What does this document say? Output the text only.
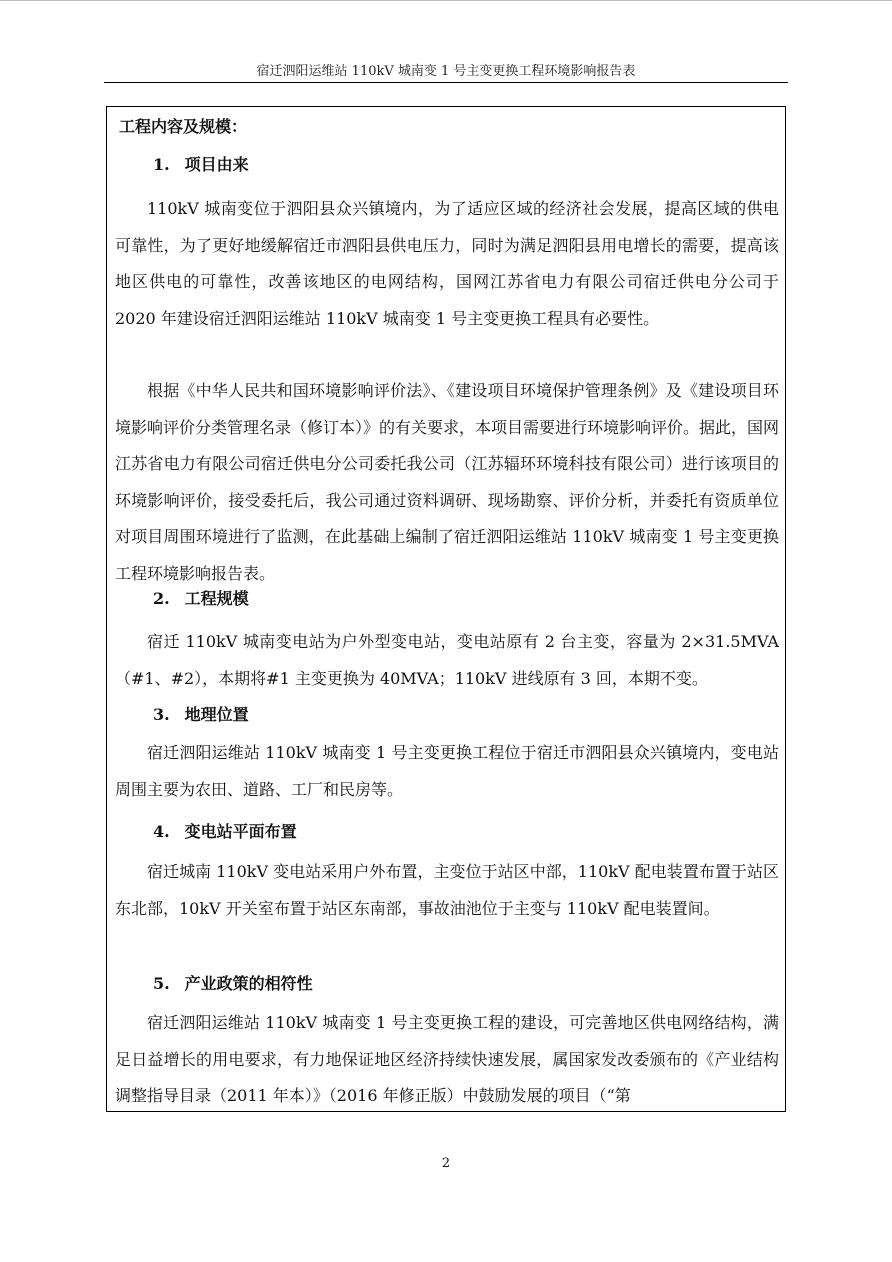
宿迁泗阳运维站 110kV 城南变 1 号主变更换工程环境影响报告表
工程内容及规模：
1. 项目由来

110kV 城南变位于泗阳县众兴镇境内，为了适应区域的经济社会发展，提高区域的供电可靠性，为了更好地缓解宿迁市泗阳县供电压力，同时为满足泗阳县用电增长的需要，提高该地区供电的可靠性，改善该地区的电网结构，国网江苏省电力有限公司宿迁供电分公司于 2020 年建设宿迁泗阳运维站 110kV 城南变 1 号主变更换工程具有必要性。

根据《中华人民共和国环境影响评价法》、《建设项目环境保护管理条例》及《建设项目环境影响评价分类管理名录（修订本）》的有关要求，本项目需要进行环境影响评价。据此，国网江苏省电力有限公司宿迁供电分公司委托我公司（江苏辐环环境科技有限公司）进行该项目的环境影响评价，接受委托后，我公司通过资料调研、现场勘察、评价分析，并委托有资质单位对项目周围环境进行了监测，在此基础上编制了宿迁泗阳运维站 110kV 城南变 1 号主变更换工程环境影响报告表。

2. 工程规模

宿迁 110kV 城南变电站为户外型变电站，变电站原有 2 台主变，容量为 2×31.5MVA（#1、#2），本期将#1 主变更换为 40MVA；110kV 进线原有 3 回，本期不变。

3. 地理位置

宿迁泗阳运维站 110kV 城南变 1 号主变更换工程位于宿迁市泗阳县众兴镇境内，变电站周围主要为农田、道路、工厂和民房等。

4. 变电站平面布置

宿迁城南 110kV 变电站采用户外布置，主变位于站区中部，110kV 配电装置布置于站区东北部，10kV 开关室布置于站区东南部，事故油池位于主变与 110kV 配电装置间。

5. 产业政策的相符性

宿迁泗阳运维站 110kV 城南变 1 号主变更换工程的建设，可完善地区供电网络结构，满足日益增长的用电要求，有力地保证地区经济持续快速发展，属国家发改委颁布的《产业结构调整指导目录（2011 年本）》（2016 年修正版）中鼓励发展的项目（“第

2
